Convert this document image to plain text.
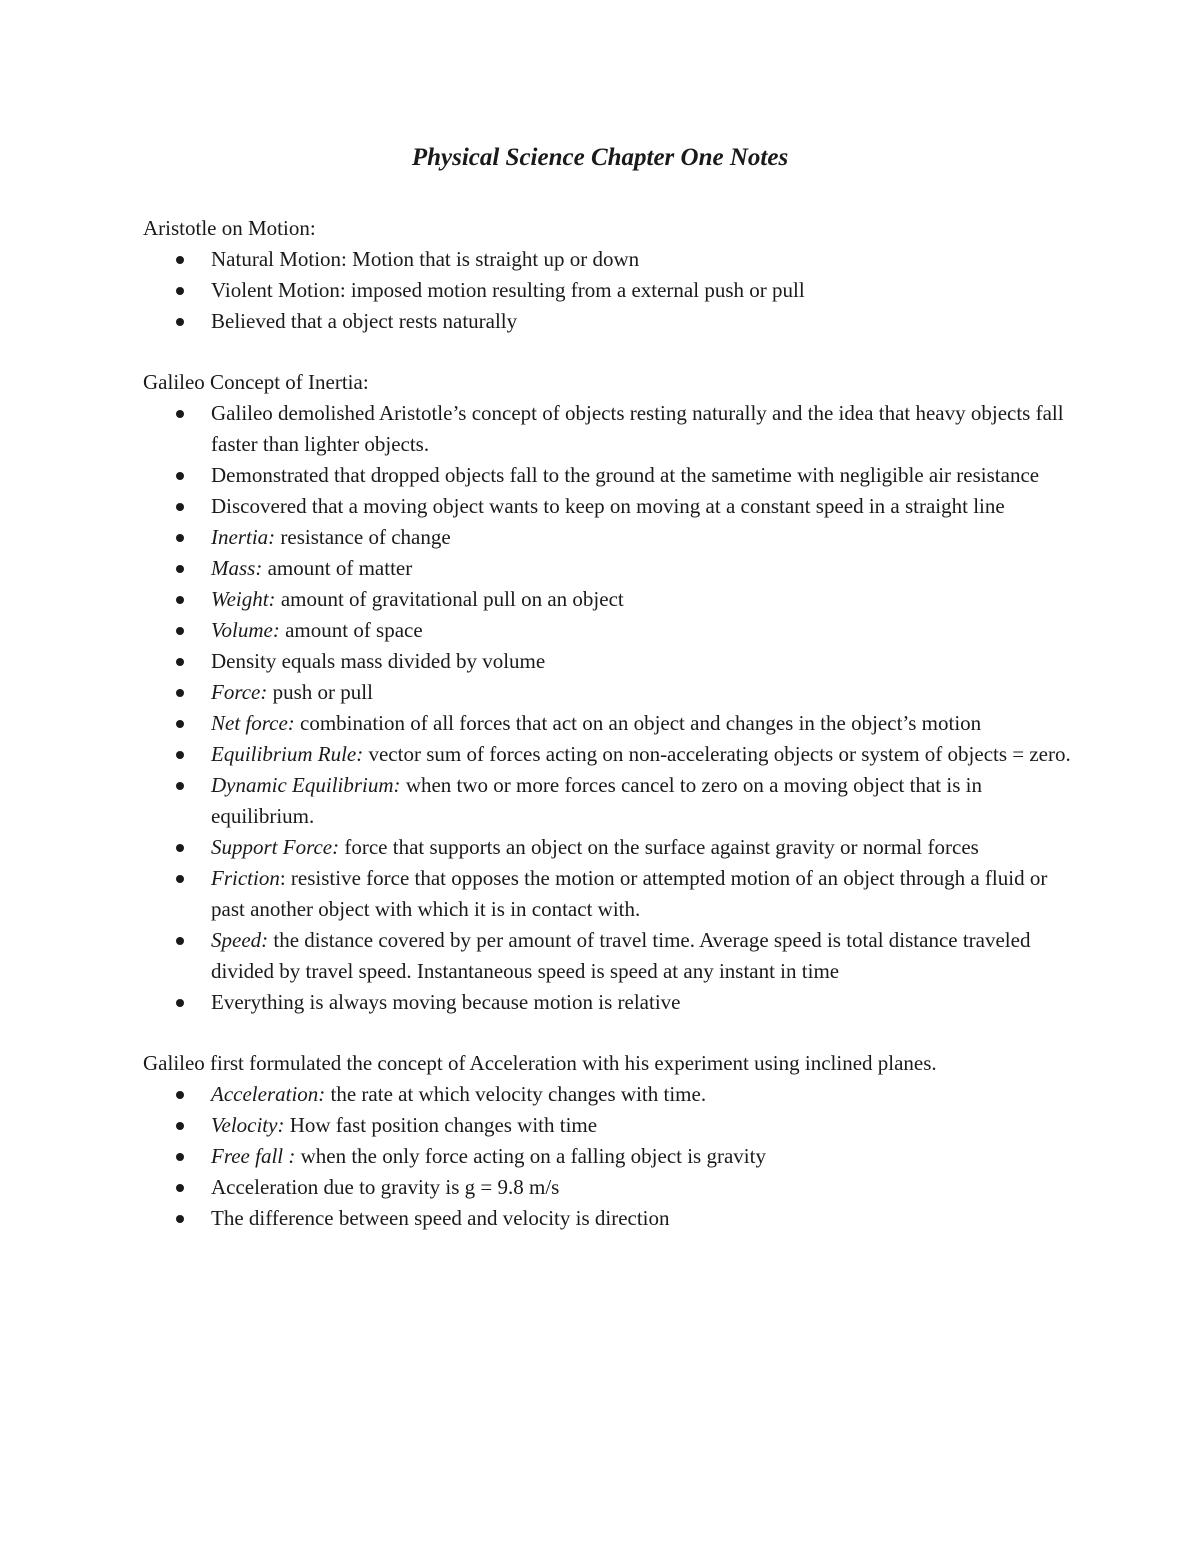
Physical Science Chapter One Notes

Aristotle on Motion:

Natural Motion: Motion that is straight up or down
Violent Motion: imposed motion resulting from a external push or pull
Believed that a object rests naturally

Galileo Concept of Inertia:

Galileo demolished Aristotle’s concept of objects resting naturally and the idea that heavy objects fall faster than lighter objects.
Demonstrated that dropped objects fall to the ground at the sametime with negligible air resistance
Discovered that a moving object wants to keep on moving at a constant speed in a straight line
Inertia: resistance of change
Mass: amount of matter
Weight: amount of gravitational pull on an object
Volume: amount of space
Density equals mass divided by volume
Force: push or pull
Net force: combination of all forces that act on an object and changes in the object’s motion
Equilibrium Rule: vector sum of forces acting on non-accelerating objects or system of objects = zero.
Dynamic Equilibrium: when two or more forces cancel to zero on a moving object that is in equilibrium.
Support Force: force that supports an object on the surface against gravity or normal forces
Friction: resistive force that opposes the motion or attempted motion of an object through a fluid or past another object with which it is in contact with.
Speed: the distance covered by per amount of travel time. Average speed is total distance traveled divided by travel speed. Instantaneous speed is speed at any instant in time
Everything is always moving because motion is relative

Galileo first formulated the concept of Acceleration with his experiment using inclined planes.

Acceleration: the rate at which velocity changes with time.
Velocity: How fast position changes with time
Free fall : when the only force acting on a falling object is gravity
Acceleration due to gravity is g = 9.8 m/s
The difference between speed and velocity is direction
